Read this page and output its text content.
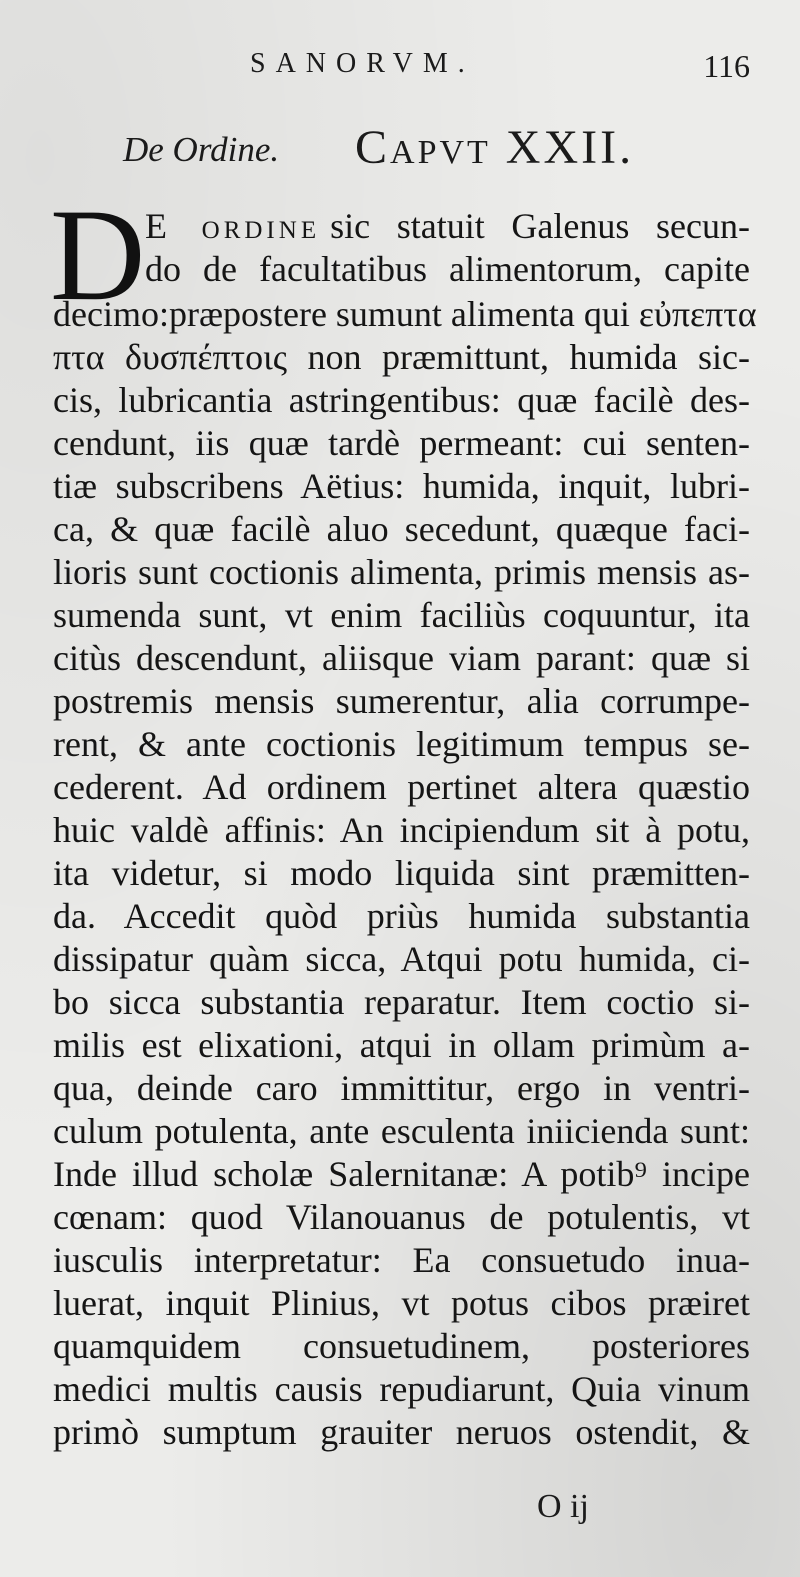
SANORVM.	116
De Ordine. Capvt XXII.
D E ordine sic statuit Galenus secun-
do de facultatibus alimentorum, capite
decimo:præpostere sumunt alimenta qui εὐπεπτα
πτα δυσπέπτοις non præmittunt, humida sic-
cis, lubricantia astringentibus: quæ facilè des-
cendunt, iis quæ tardè permeant: cui senten-
tiæ subscribens Aëtius: humida, inquit, lubri-
ca, & quæ facilè aluo secedunt, quæque faci-
lioris sunt coctionis alimenta, primis mensis as-
sumenda sunt, vt enim faciliùs coquuntur, ita
citùs descendunt, aliisque viam parant: quæ si
postremis mensis sumerentur, alia corrumpe-
rent, & ante coctionis legitimum tempus se-
cederent. Ad ordinem pertinet altera quæstio
huic valdè affinis: An incipiendum sit à potu,
ita videtur, si modo liquida sint præmitten-
da. Accedit quòd priùs humida substantia
dissipatur quàm sicca, Atqui potu humida, ci-
bo sicca substantia reparatur. Item coctio si-
milis est elixationi, atqui in ollam primùm a-
qua, deinde caro immittitur, ergo in ventri-
culum potulenta, ante esculenta iniicienda sunt:
Inde illud scholæ Salernitanæ: A potib⁹ incipe
cœnam: quod Vilanouanus de potulentis, vt
iusculis interpretatur: Ea consuetudo inua-
luerat, inquit Plinius, vt potus cibos præiret
quamquidem consuetudinem, posteriores
medici multis causis repudiarunt, Quia vinum
primò sumptum grauiter neruos ostendit, &
O ij
